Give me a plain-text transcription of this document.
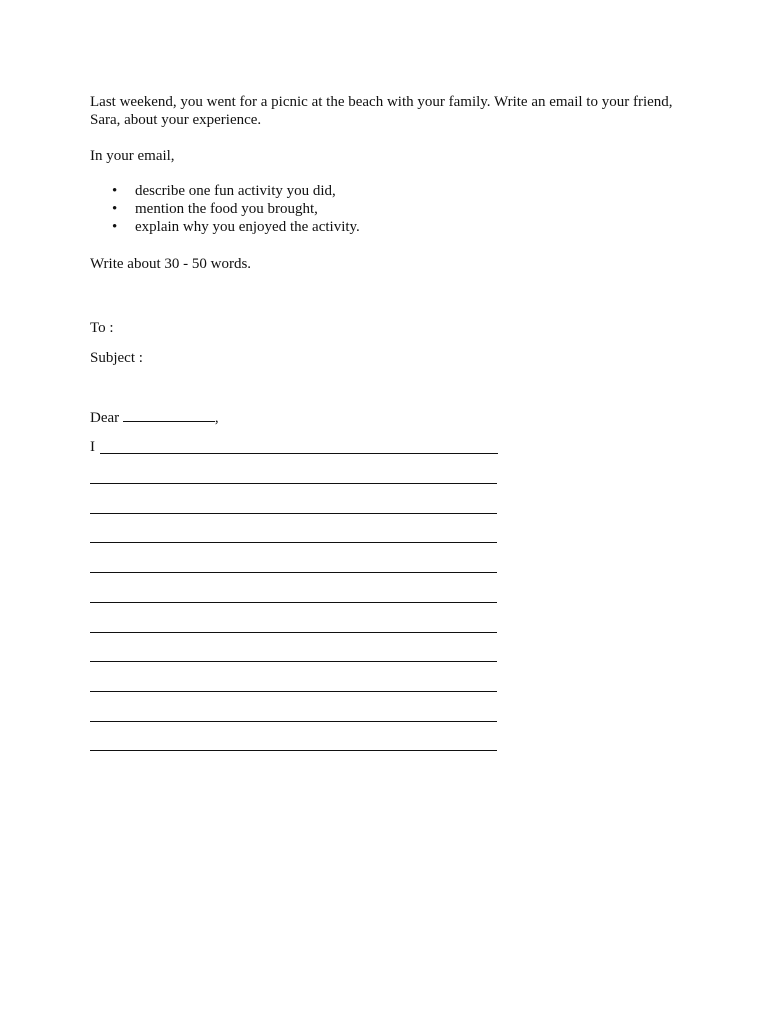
Last weekend, you went for a picnic at the beach with your family. Write an email to your friend, Sara, about your experience.

In your email,

• describe one fun activity you did,
• mention the food you brought,
• explain why you enjoyed the activity.

Write about 30 - 50 words.

To :

Subject :

Dear	,

I
